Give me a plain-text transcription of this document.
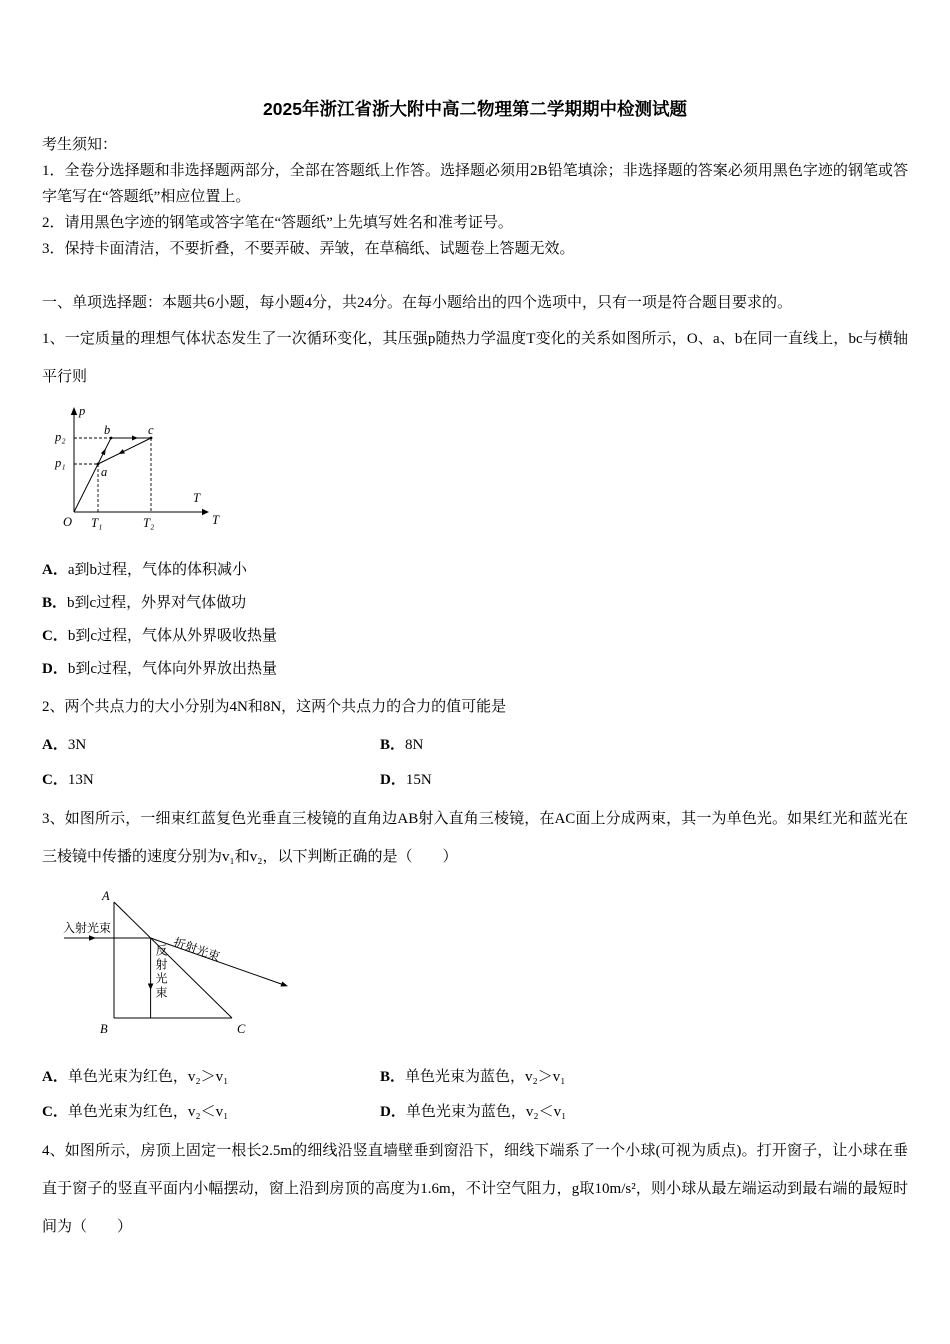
2025年浙江省浙大附中高二物理第二学期期中检测试题
考生须知：
1．全卷分选择题和非选择题两部分，全部在答题纸上作答。选择题必须用2B铅笔填涂；非选择题的答案必须用黑色字迹的钢笔或答字笔写在“答题纸”相应位置上。
2．请用黑色字迹的钢笔或答字笔在“答题纸”上先填写姓名和准考证号。
3．保持卡面清洁，不要折叠，不要弄破、弄皱，在草稿纸、试题卷上答题无效。
一、单项选择题：本题共6小题，每小题4分，共24分。在每小题给出的四个选项中，只有一项是符合题目要求的。
1、一定质量的理想气体状态发生了一次循环变化，其压强p随热力学温度T变化的关系如图所示，O、a、b在同一直线上，bc与横轴平行则
p
p₂
p₁
b	c
a
T
O T₁	T₂	T
A．a到b过程，气体的体积减小
B．b到c过程，外界对气体做功
C．b到c过程，气体从外界吸收热量
D．b到c过程，气体向外界放出热量
2、两个共点力的大小分别为4N和8N，这两个共点力的合力的值可能是
A．3N	B．8N
C．13N	D．15N
3、如图所示，一细束红蓝复色光垂直三棱镜的直角边AB射入直角三棱镜，在AC面上分成两束，其一为单色光。如果红光和蓝光在三棱镜中传播的速度分别为v₁和v₂，以下判断正确的是（　　）
A
B	C
入射光束
反射光束 折射光束
A．单色光束为红色，v₂＞v₁	B．单色光束为蓝色，v₂＞v₁
C．单色光束为红色，v₂＜v₁	D．单色光束为蓝色，v₂＜v₁
4、如图所示，房顶上固定一根长2.5m的细线沿竖直墙壁垂到窗沿下，细线下端系了一个小球(可视为质点)。打开窗子，让小球在垂直于窗子的竖直平面内小幅摆动，窗上沿到房顶的高度为1.6m，不计空气阻力，g取10m/s²，则小球从最左端运动到最右端的最短时间为（　　）
